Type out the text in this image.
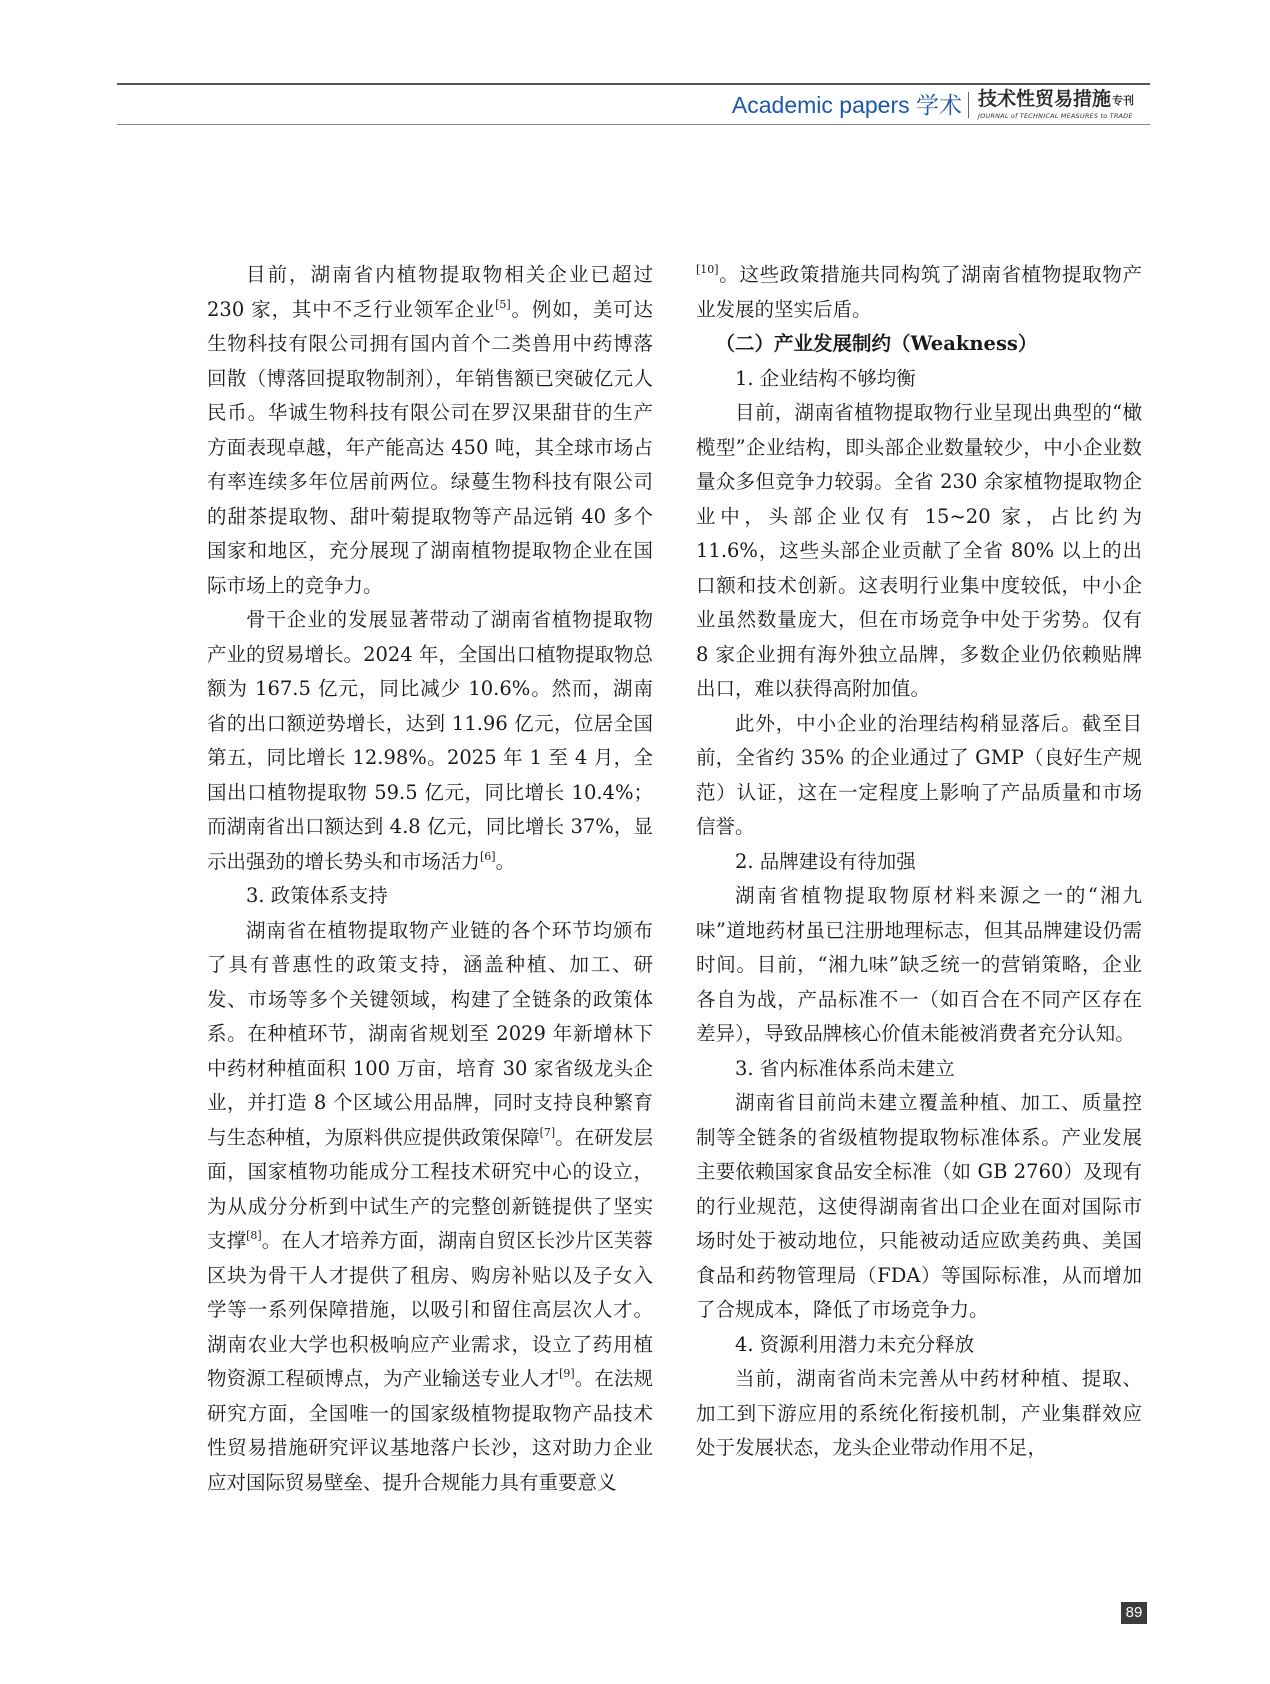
Academic papers 学术 技术性贸易措施专刊
JOURNAL of TECHNICAL MEASURES to TRADE

目前，湖南省内植物提取物相关企业已超过 230 家，其中不乏行业领军企业[5]。例如，美可达生物科技有限公司拥有国内首个二类兽用中药博落回散（博落回提取物制剂），年销售额已突破亿元人民币。华诚生物科技有限公司在罗汉果甜苷的生产方面表现卓越，年产能高达 450 吨，其全球市场占有率连续多年位居前两位。绿蔓生物科技有限公司的甜茶提取物、甜叶菊提取物等产品远销 40 多个国家和地区，充分展现了湖南植物提取物企业在国际市场上的竞争力。

骨干企业的发展显著带动了湖南省植物提取物产业的贸易增长。2024 年，全国出口植物提取物总额为 167.5 亿元，同比减少 10.6%。然而，湖南省的出口额逆势增长，达到 11.96 亿元，位居全国第五，同比增长 12.98%。2025 年 1 至 4 月，全国出口植物提取物 59.5 亿元，同比增长 10.4%；而湖南省出口额达到 4.8 亿元，同比增长 37%，显示出强劲的增长势头和市场活力[6]。

3. 政策体系支持

湖南省在植物提取物产业链的各个环节均颁布了具有普惠性的政策支持，涵盖种植、加工、研发、市场等多个关键领域，构建了全链条的政策体系。在种植环节，湖南省规划至 2029 年新增林下中药材种植面积 100 万亩，培育 30 家省级龙头企业，并打造 8 个区域公用品牌，同时支持良种繁育与生态种植，为原料供应提供政策保障[7]。在研发层面，国家植物功能成分工程技术研究中心的设立，为从成分分析到中试生产的完整创新链提供了坚实支撑[8]。在人才培养方面，湖南自贸区长沙片区芙蓉区块为骨干人才提供了租房、购房补贴以及子女入学等一系列保障措施，以吸引和留住高层次人才。湖南农业大学也积极响应产业需求，设立了药用植物资源工程硕博点，为产业输送专业人才[9]。在法规研究方面，全国唯一的国家级植物提取物产品技术性贸易措施研究评议基地落户长沙，这对助力企业应对国际贸易壁垒、提升合规能力具有重要意义

[10]。这些政策措施共同构筑了湖南省植物提取物产业发展的坚实后盾。

（二）产业发展制约（Weakness）

1. 企业结构不够均衡

目前，湖南省植物提取物行业呈现出典型的“橄榄型”企业结构，即头部企业数量较少，中小企业数量众多但竞争力较弱。全省 230 余家植物提取物企业中，头部企业仅有 15~20 家，占比约为 11.6%，这些头部企业贡献了全省 80% 以上的出口额和技术创新。这表明行业集中度较低，中小企业虽然数量庞大，但在市场竞争中处于劣势。仅有 8 家企业拥有海外独立品牌，多数企业仍依赖贴牌出口，难以获得高附加值。

此外，中小企业的治理结构稍显落后。截至目前，全省约 35% 的企业通过了 GMP（良好生产规范）认证，这在一定程度上影响了产品质量和市场信誉。

2. 品牌建设有待加强

湖南省植物提取物原材料来源之一的“湘九味”道地药材虽已注册地理标志，但其品牌建设仍需时间。目前，“湘九味”缺乏统一的营销策略，企业各自为战，产品标准不一（如百合在不同产区存在差异），导致品牌核心价值未能被消费者充分认知。

3. 省内标准体系尚未建立

湖南省目前尚未建立覆盖种植、加工、质量控制等全链条的省级植物提取物标准体系。产业发展主要依赖国家食品安全标准（如 GB 2760）及现有的行业规范，这使得湖南省出口企业在面对国际市场时处于被动地位，只能被动适应欧美药典、美国食品和药物管理局（FDA）等国际标准，从而增加了合规成本，降低了市场竞争力。

4. 资源利用潜力未充分释放

当前，湖南省尚未完善从中药材种植、提取、加工到下游应用的系统化衔接机制，产业集群效应处于发展状态，龙头企业带动作用不足，

89
